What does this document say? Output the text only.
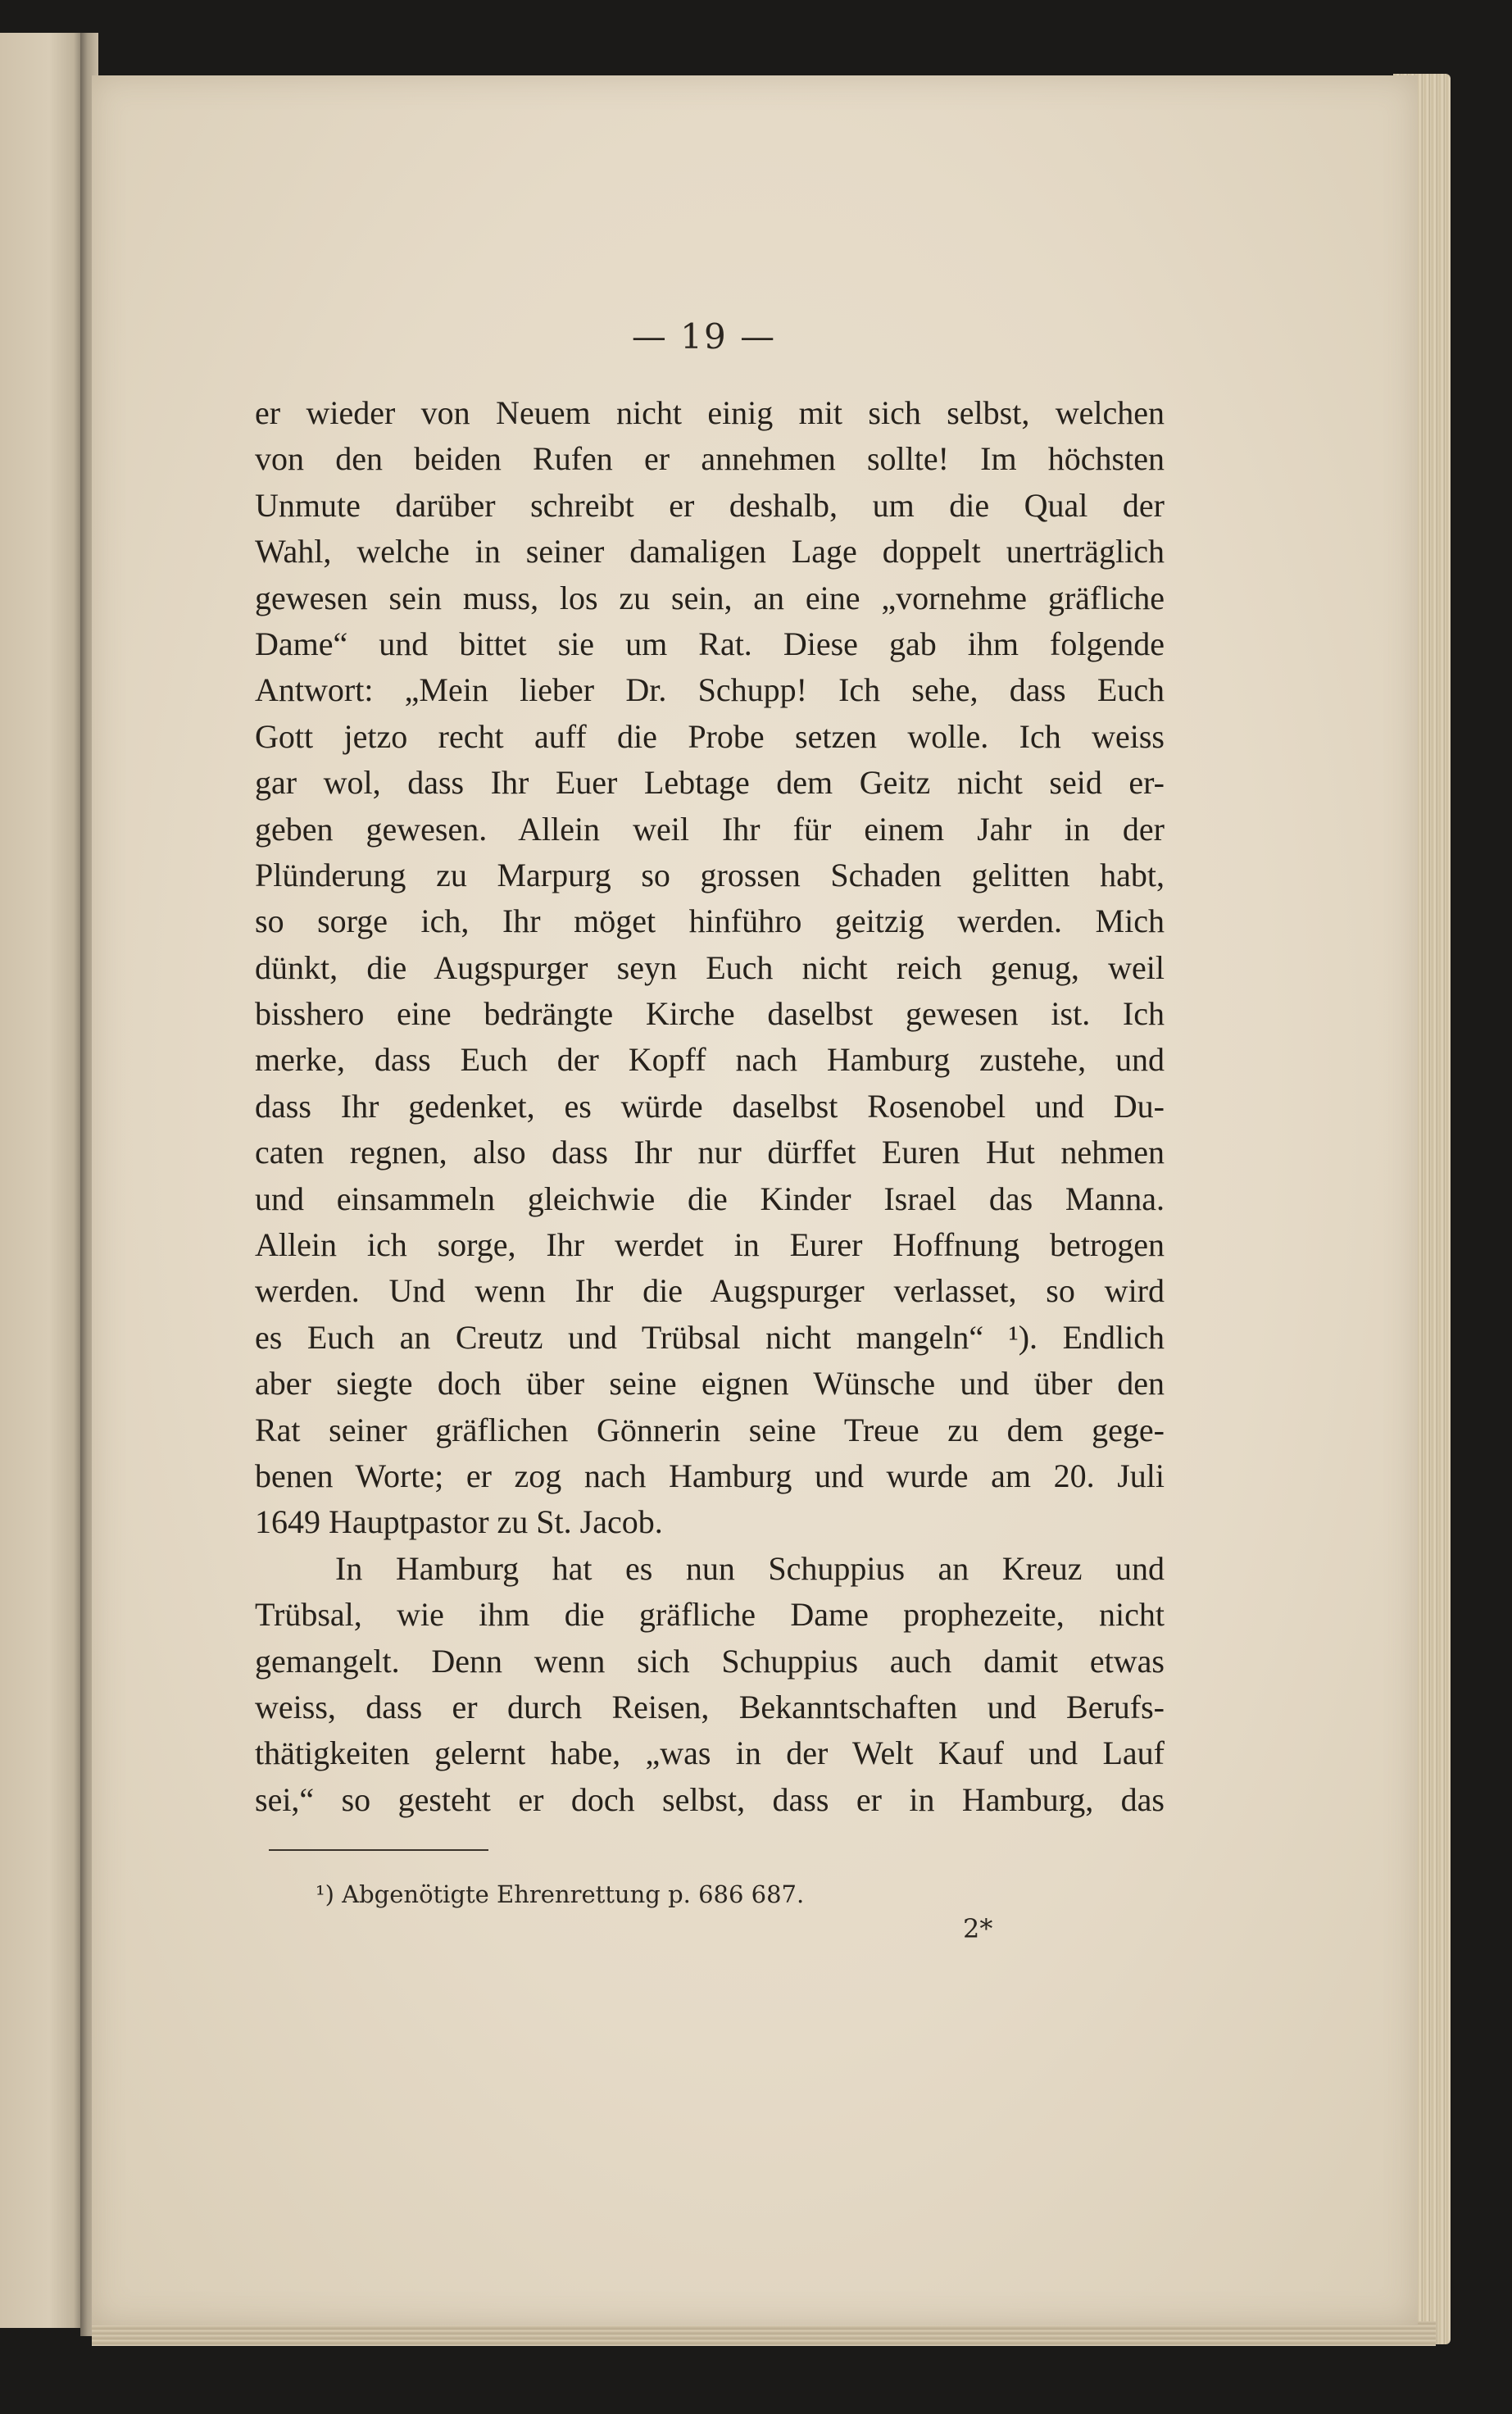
— 19 —
er wieder von Neuem nicht einig mit sich selbst, welchen
von den beiden Rufen er annehmen sollte! Im höchsten
Unmute darüber schreibt er deshalb, um die Qual der
Wahl, welche in seiner damaligen Lage doppelt unerträglich
gewesen sein muss, los zu sein, an eine „vornehme gräfliche
Dame“ und bittet sie um Rat. Diese gab ihm folgende
Antwort: „Mein lieber Dr. Schupp! Ich sehe, dass Euch
Gott jetzo recht auff die Probe setzen wolle. Ich weiss
gar wol, dass Ihr Euer Lebtage dem Geitz nicht seid er-
geben gewesen. Allein weil Ihr für einem Jahr in der
Plünderung zu Marpurg so grossen Schaden gelitten habt,
so sorge ich, Ihr möget hinführo geitzig werden. Mich
dünkt, die Augspurger seyn Euch nicht reich genug, weil
bisshero eine bedrängte Kirche daselbst gewesen ist. Ich
merke, dass Euch der Kopff nach Hamburg zustehe, und
dass Ihr gedenket, es würde daselbst Rosenobel und Du-
caten regnen, also dass Ihr nur dürffet Euren Hut nehmen
und einsammeln gleichwie die Kinder Israel das Manna.
Allein ich sorge, Ihr werdet in Eurer Hoffnung betrogen
werden. Und wenn Ihr die Augspurger verlasset, so wird
es Euch an Creutz und Trübsal nicht mangeln“ ¹). Endlich
aber siegte doch über seine eignen Wünsche und über den
Rat seiner gräflichen Gönnerin seine Treue zu dem gege-
benen Worte; er zog nach Hamburg und wurde am 20. Juli
1649 Hauptpastor zu St. Jacob.
In Hamburg hat es nun Schuppius an Kreuz und
Trübsal, wie ihm die gräfliche Dame prophezeite, nicht
gemangelt. Denn wenn sich Schuppius auch damit etwas
weiss, dass er durch Reisen, Bekanntschaften und Berufs-
thätigkeiten gelernt habe, „was in der Welt Kauf und Lauf
sei,“ so gesteht er doch selbst, dass er in Hamburg, das
¹) Abgenötigte Ehrenrettung p. 686 687.
2*
